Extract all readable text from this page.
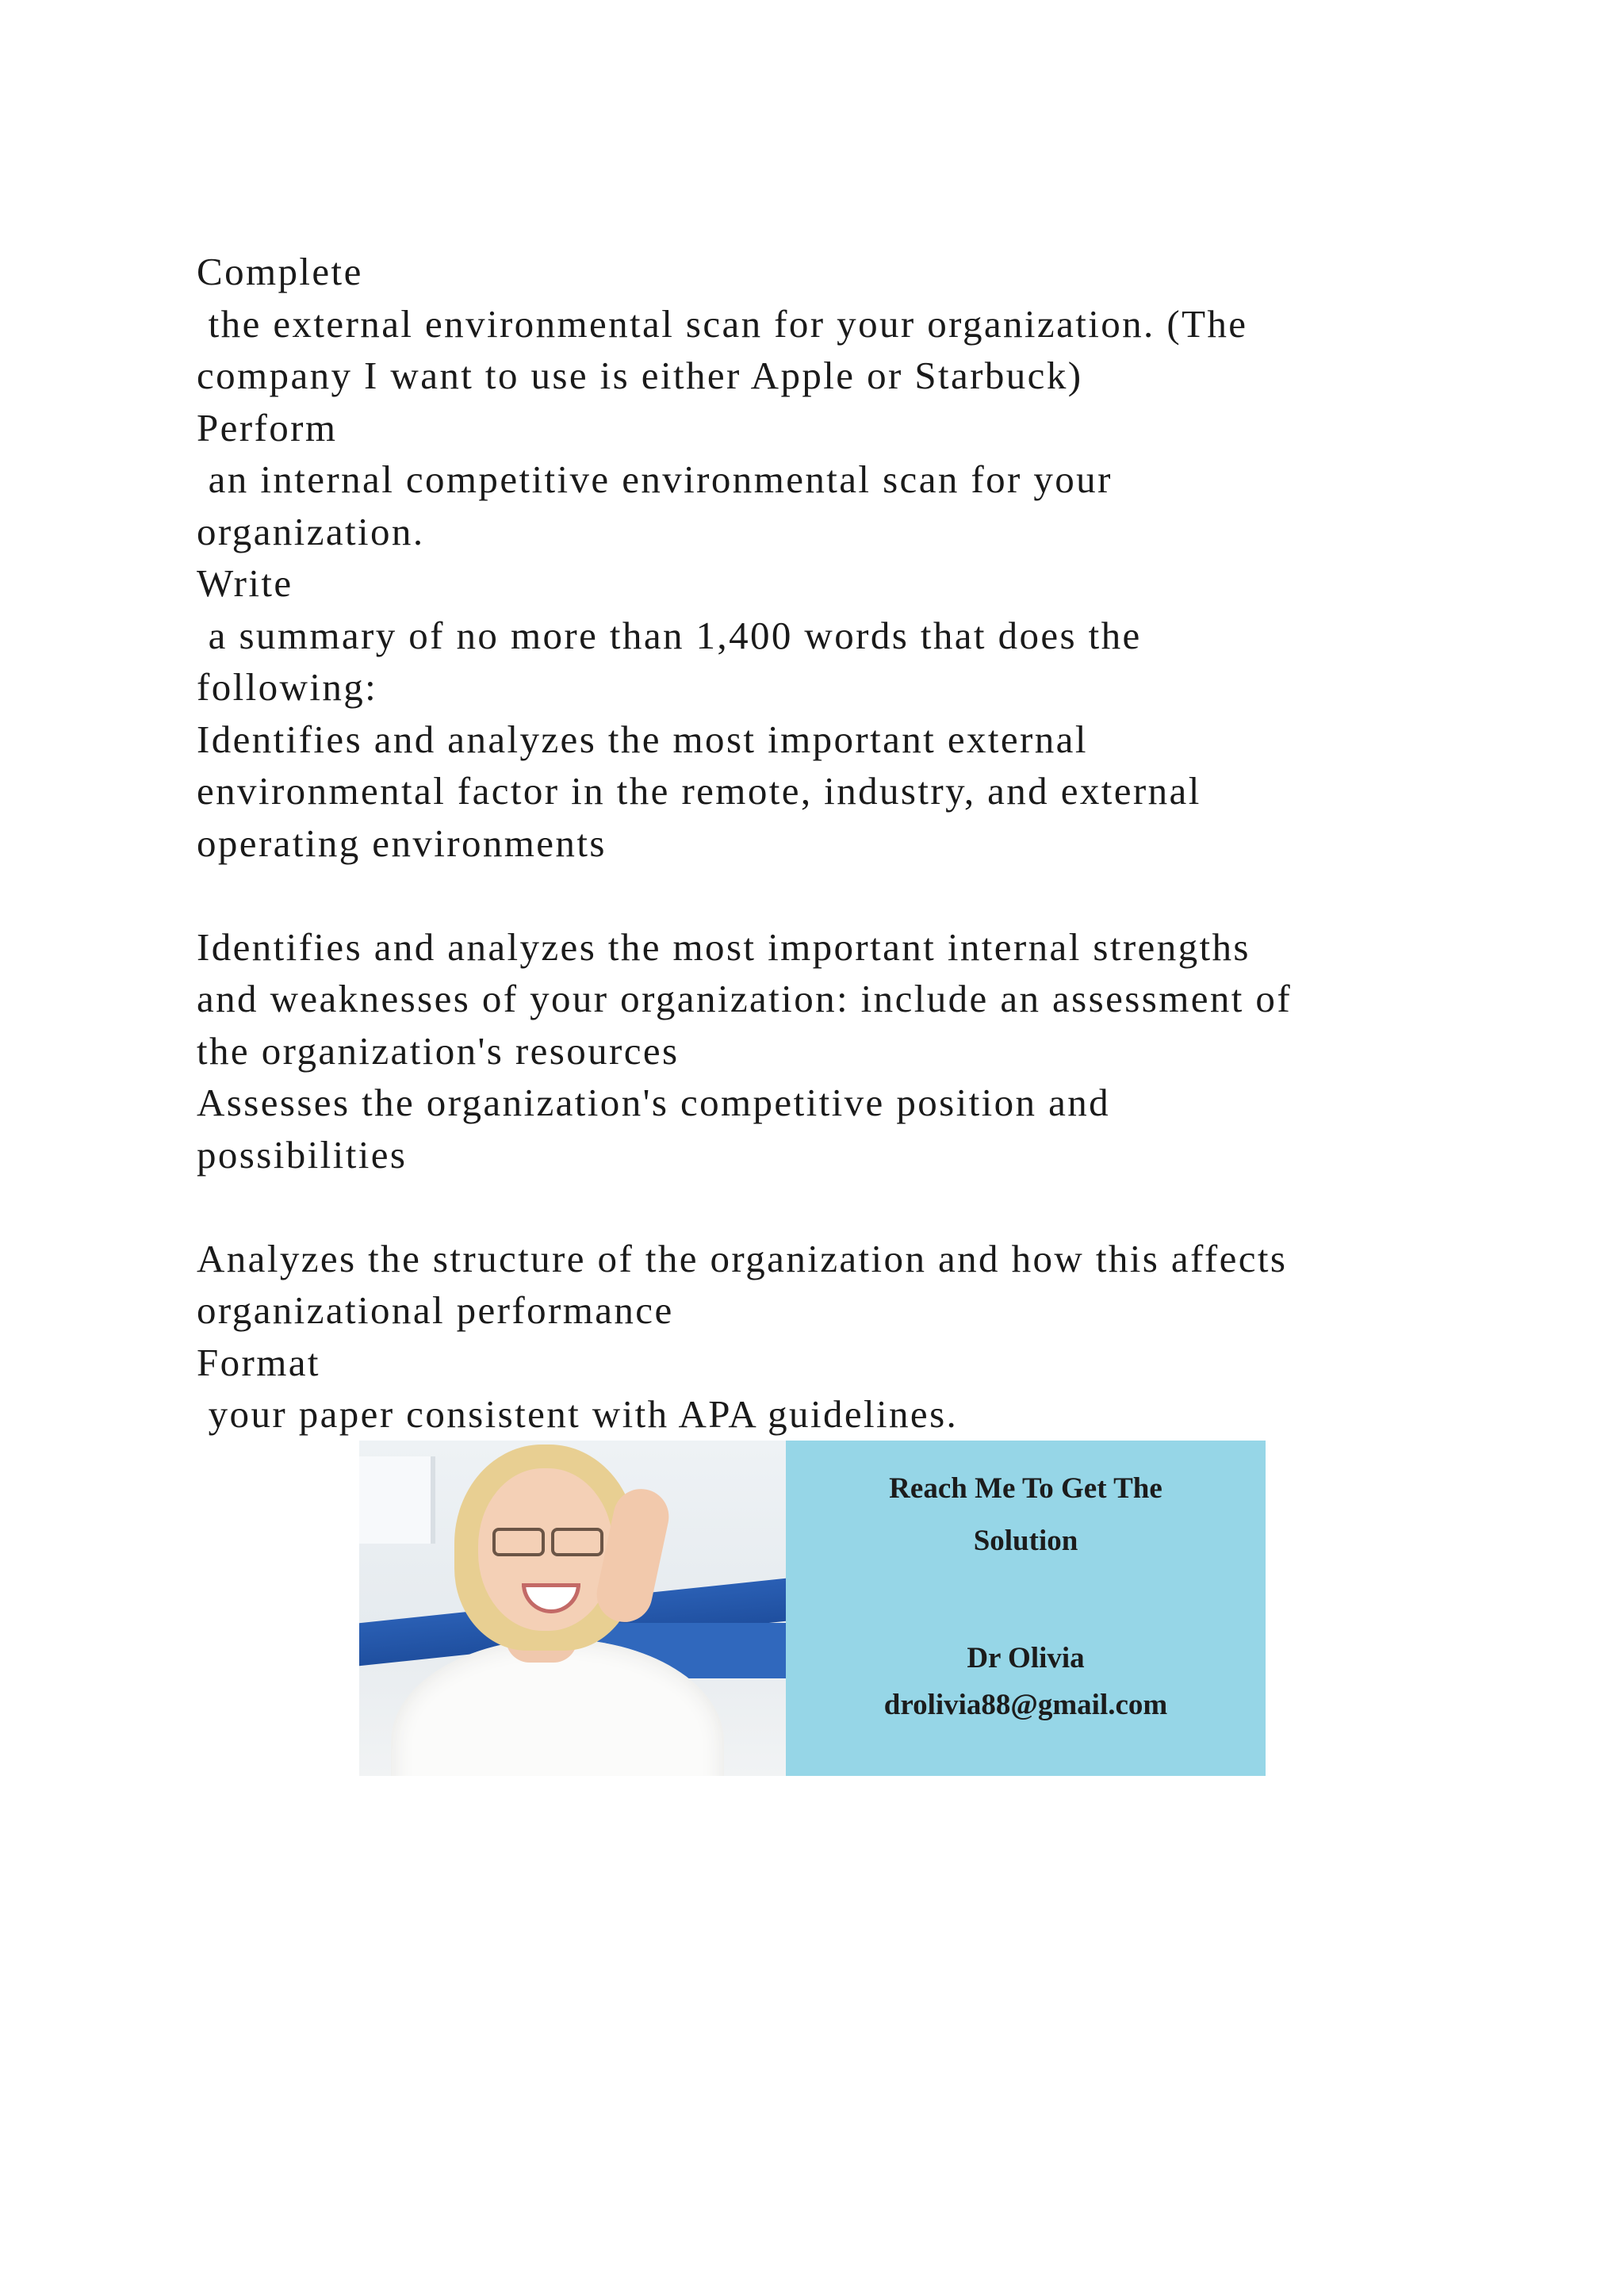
Complete
the external environmental scan for your organization. (The
company I want to use is either Apple or Starbuck)
Perform
an internal competitive environmental scan for your
organization.
Write
a summary of no more than 1,400 words that does the
following:
Identifies and analyzes the most important external
environmental factor in the remote, industry, and external
operating environments
Identifies and analyzes the most important internal strengths
and weaknesses of your organization: include an assessment of
the organization's resources
Assesses the organization's competitive position and
possibilities
Analyzes the structure of the organization and how this affects
organizational performance
Format
your paper consistent with APA guidelines.
Reach Me To Get The
Solution
Dr Olivia
drolivia88@gmail.com
